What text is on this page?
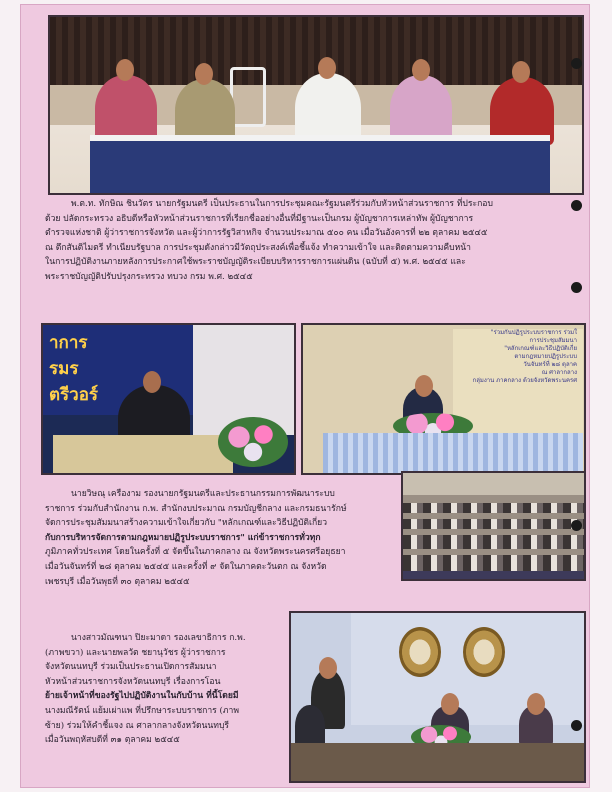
พ.ต.ท. ทักษิณ ชินวัตร นายกรัฐมนตรี เป็นประธานในการประชุมคณะรัฐมนตรีร่วมกับหัวหน้าส่วนราชการ ที่ประกอบ
ด้วย ปลัดกระทรวง อธิบดีหรือหัวหน้าส่วนราชการที่เรียกชื่ออย่างอื่นที่มีฐานะเป็นกรม ผู้บัญชาการเหล่าทัพ ผู้บัญชาการ
ตำรวจแห่งชาติ ผู้ว่าราชการจังหวัด และผู้ว่าการรัฐวิสาหกิจ จำนวนประมาณ ๕๐๐ คน เมื่อวันอังคารที่ ๒๒ ตุลาคม ๒๕๔๕
ณ ตึกสันติไมตรี ทำเนียบรัฐบาล การประชุมดังกล่าวมีวัตถุประสงค์เพื่อชี้แจ้ง ทำความเข้าใจ และติดตามความคืบหน้า
ในการปฏิบัติงานภายหลังการประกาศใช้พระราชบัญญัติระเบียบบริหารราชการแผ่นดิน (ฉบับที่ ๕) พ.ศ. ๒๕๔๕ และ
พระราชบัญญัติปรับปรุงกระทรวง ทบวง กรม พ.ศ. ๒๕๔๕
าการ
รมร
ตรีวอร์
"ร่วมกันปฏิรูประบบราชการ ร่วมใ
การประชุมสัมมนา
"หลักเกณฑ์และวิธีปฏิบัติเกี่ย
ตามกฎหมายปฏิรูประบบ
วันจันทร์ที่ ๒๘ ตุลาค
ณ ศาลากลาง
กลุ่มงาน ภาคกลาง ด้วยจังหวัดพระนครศ
นายวิษณุ เครืองาม รองนายกรัฐมนตรีและประธานกรรมการพัฒนาระบบ
ราชการ ร่วมกับสำนักงาน ก.พ. สำนักงบประมาณ กรมบัญชีกลาง และกรมธนารักษ์
จัดการประชุมสัมมนาสร้างความเข้าใจเกี่ยวกับ "หลักเกณฑ์และวิธีปฏิบัติเกี่ยว
กับการบริหารจัดการตามกฎหมายปฏิรูประบบราชการ" แก่ข้าราชการทั่วทุก
ภูมิภาคทั่วประเทศ โดยในครั้งที่ ๕ จัดขึ้นในภาคกลาง ณ จังหวัดพระนครศรีอยุธยา
เมื่อวันจันทร์ที่ ๒๘ ตุลาคม ๒๕๔๕ และครั้งที่ ๙ จัดในภาคตะวันตก ณ จังหวัด
เพชรบุรี เมื่อวันพุธที่ ๓๐ ตุลาคม ๒๕๔๕
นางสาวมัณฑนา ปิยะมาดา รองเลขาธิการ ก.พ.
(ภาพขวา) และนายพลวัต ชยานุวัชร ผู้ว่าราชการ
จังหวัดนนทบุรี ร่วมเป็นประธานเปิดการสัมมนา
หัวหน้าส่วนราชการจังหวัดนนทบุรี เรื่องการโอน
ย้ายเจ้าหน้าที่ของรัฐไปปฏิบัติงานในกับบ้าน ที่นี้โดยมี
นางมณีรัตน์ แย้มเผ่าแพ ที่ปรึกษาระบบราชการ (ภาพ
ซ้าย) ร่วมให้คำชี้แจง ณ ศาลากลางจังหวัดนนทบุรี
เมื่อวันพฤหัสบดีที่ ๓๑ ตุลาคม ๒๕๔๕
